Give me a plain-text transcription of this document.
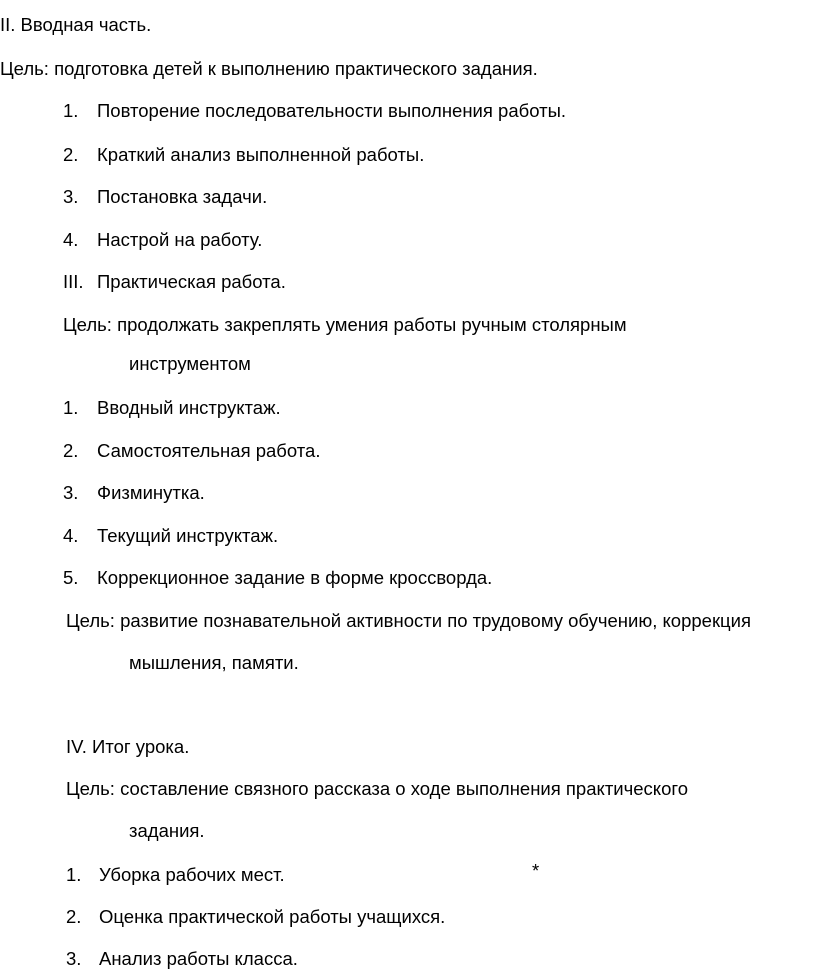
II. Вводная часть.
Цель: подготовка детей к выполнению практического задания.
1. Повторение последовательности выполнения работы.
2. Краткий анализ выполненной работы.
3. Постановка задачи.
4. Настрой на работу.
III. Практическая работа.
Цель: продолжать закреплять умения работы ручным столярным
инструментом
1. Вводный инструктаж.
2. Самостоятельная работа.
3. Физминутка.
4. Текущий инструктаж.
5. Коррекционное задание в форме кроссворда.
Цель: развитие познавательной активности по трудовому обучению, коррекция
мышления, памяти.
IV. Итог урока.
Цель: составление связного рассказа о ходе выполнения практического
задания.
1. Уборка рабочих мест.
2. Оценка практической работы учащихся.
3. Анализ работы класса.
*
